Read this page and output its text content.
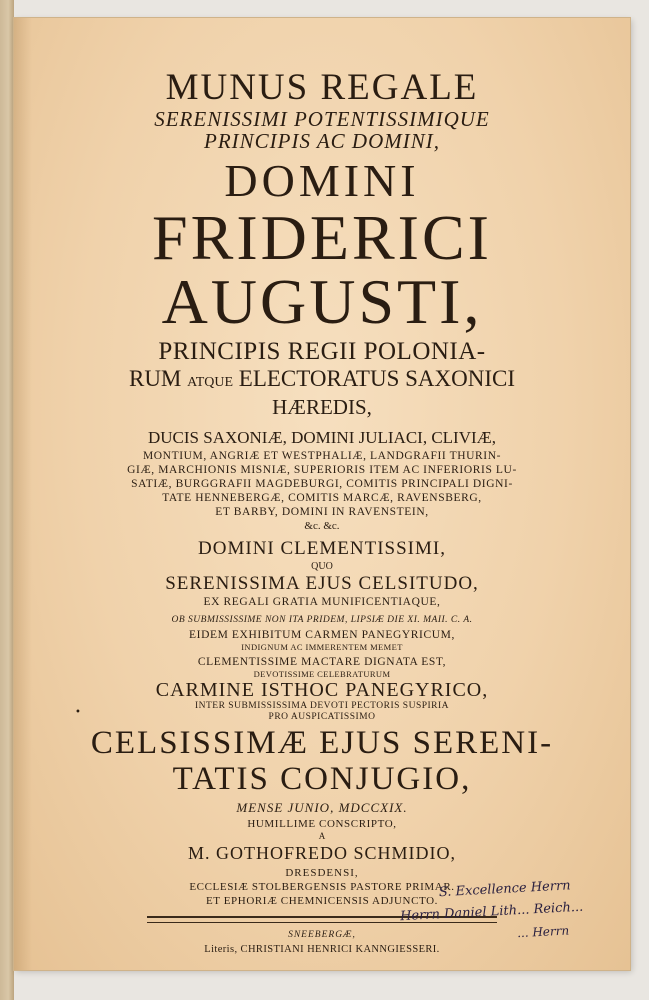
MUNUS REGALE
SERENISSIMI POTENTISSIMIQUE
PRINCIPIS AC DOMINI,
DOMINI
FRIDERICI
AUGUSTI,
PRINCIPIS REGII POLONIA-
RUM ATQUE ELECTORATUS SAXONICI
HÆREDIS,
DUCIS SAXONIÆ, DOMINI JULIACI, CLIVIÆ,
MONTIUM, ANGRIÆ ET WESTPHALIÆ, LANDGRAFII THURIN-
GIÆ, MARCHIONIS MISNIÆ, SUPERIORIS ITEM AC INFERIORIS LU-
SATIÆ, BURGGRAFII MAGDEBURGI, COMITIS PRINCIPALI DIGNI-
TATE HENNEBERGÆ, COMITIS MARCÆ, RAVENSBERG,
ET BARBY, DOMINI IN RAVENSTEIN,
&c. &c.
DOMINI CLEMENTISSIMI,
QUO
SERENISSIMA EJUS CELSITUDO,
EX REGALI GRATIA MUNIFICENTIAQUE,
OB SUBMISSISSIME NON ITA PRIDEM, LIPSIÆ DIE XI. MAII. C. A.
EIDEM EXHIBITUM CARMEN PANEGYRICUM,
INDIGNUM AC IMMERENTEM MEMET
CLEMENTISSIME MACTARE DIGNATA EST,
DEVOTISSIME CELEBRATURUM
CARMINE ISTHOC PANEGYRICO,
INTER SUBMISSISSIMA DEVOTI PECTORIS SUSPIRIA
PRO AUSPICATISSIMO
CELSISSIMÆ EJUS SERENI-
TATIS CONJUGIO,
MENSE JUNIO, MDCCXIX.
HUMILLIME CONSCRIPTO,
A
M. GOTHOFREDO SCHMIDIO,
DRESDENSI,
ECCLESIÆ STOLBERGENSIS PASTORE PRIMAR.
ET EPHORIÆ CHEMNICENSIS ADJUNCTO.
SNEEBERGÆ,
Literis, CHRISTIANI HENRICI KANNGIESSERI.
•
S. Excellence Herrn
Herrn Daniel Lith... Reich...
... Herrn
